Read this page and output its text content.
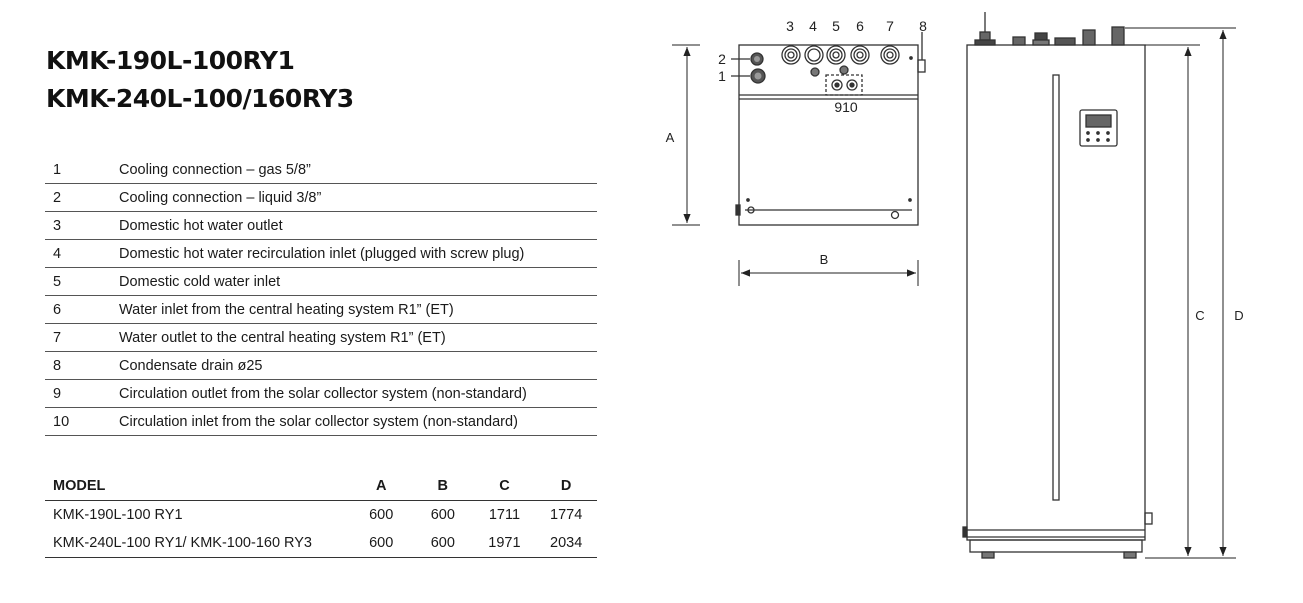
KMK-190L-100RY1
KMK-240L-100/160RY3
1	Cooling connection – gas 5/8”
2	Cooling connection – liquid 3/8”
3	Domestic hot water outlet
4	Domestic hot water recirculation inlet (plugged with screw plug)
5	Domestic cold water inlet
6	Water inlet from the central heating system R1” (ET)
7	Water outlet to the central heating system R1” (ET)
8	Condensate drain ø25
9	Circulation outlet from the solar collector system (non-standard)
10	Circulation inlet from the solar collector system (non-standard)
MODEL	A	B	C	D
KMK-190L-100 RY1	600	600	1711	1774
KMK-240L-100 RY1/ KMK-100-160 RY3	600	600	1971	2034
3 4 5 6 7 8
2
1
910
A
B
C D
